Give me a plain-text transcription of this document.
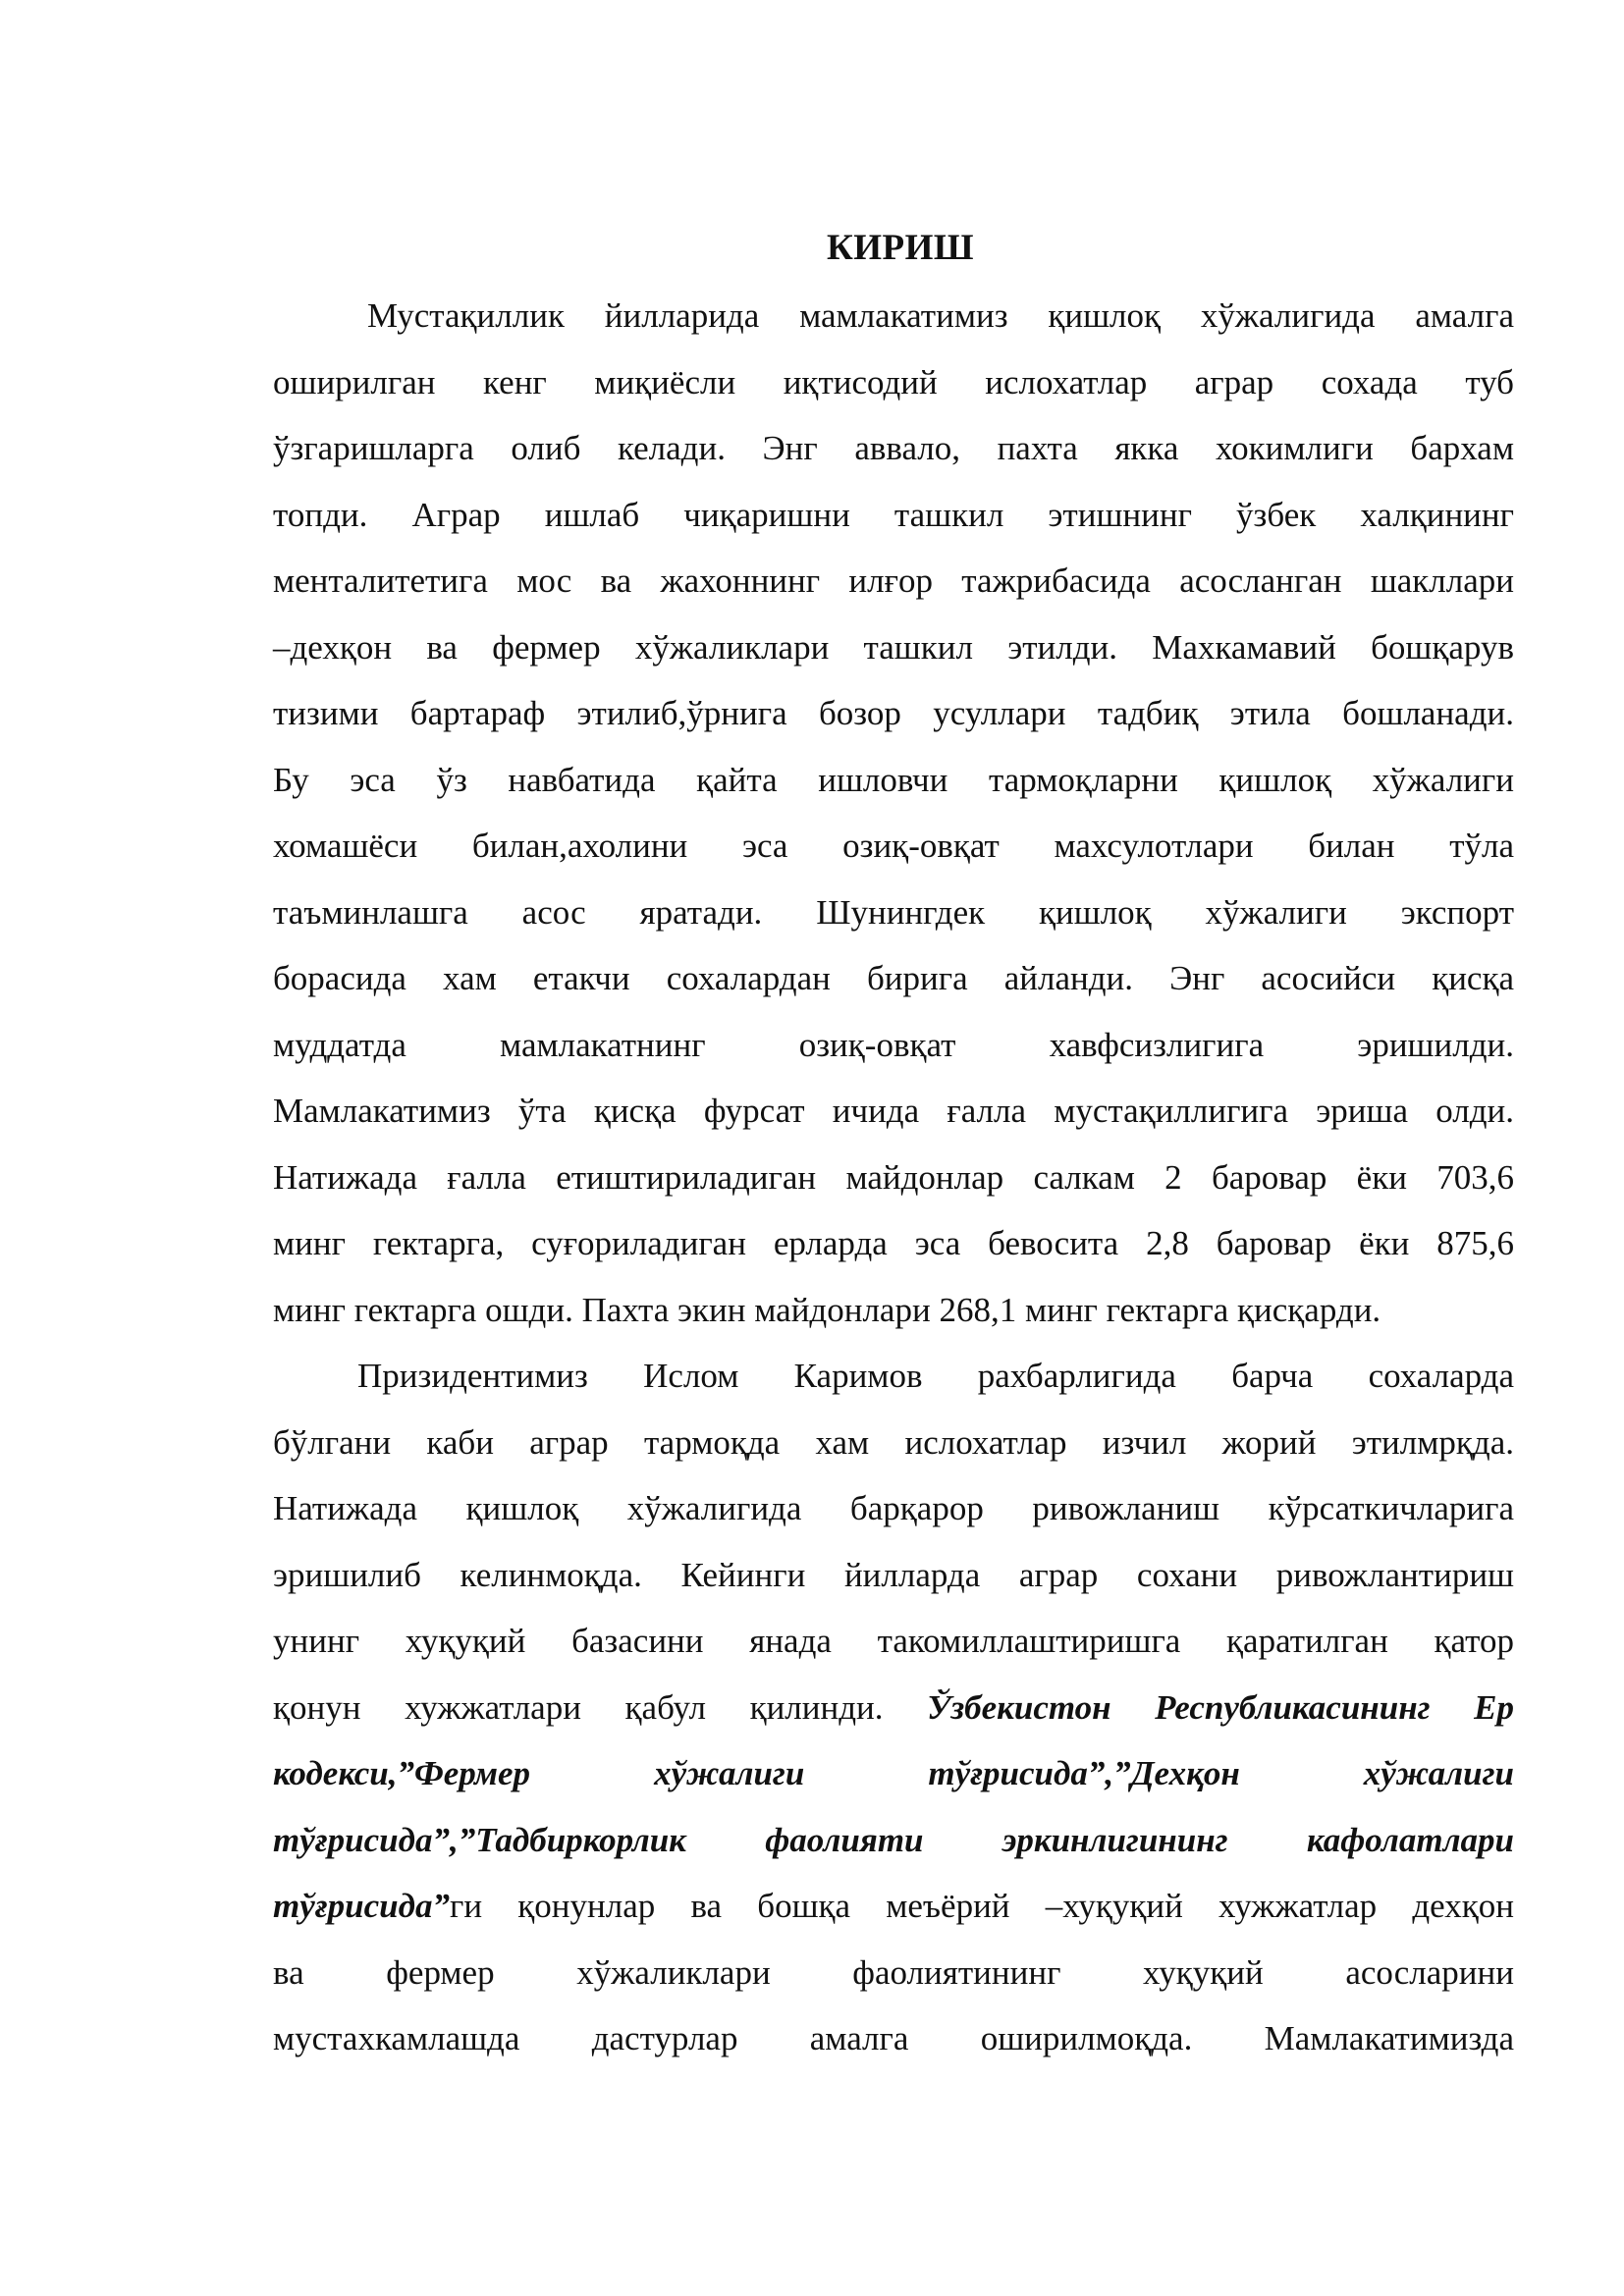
КИРИШ
Мустақиллик йилларида мамлакатимиз қишлоқ хўжалигида амалга
оширилган кенг миқиёсли иқтисодий ислохатлар аграр сохада туб
ўзгаришларга олиб келади. Энг аввало, пахта якка хокимлиги бархам
топди. Аграр ишлаб чиқаришни ташкил этишнинг ўзбек халқининг
менталитетига мос ва жахоннинг илғор тажрибасида асосланган шакллари
–дехқон ва фермер хўжаликлари ташкил этилди. Махкамавий бошқарув
тизими бартараф этилиб,ўрнига бозор усуллари тадбиқ этила бошланади.
Бу эса ўз навбатида қайта ишловчи тармоқларни қишлоқ хўжалиги
хомашёси билан,ахолини эса озиқ-овқат махсулотлари билан тўла
таъминлашга асос яратади. Шунингдек қишлоқ хўжалиги экспорт
борасида хам етакчи сохалардан бирига айланди. Энг асосийси қисқа
муддатда мамлакатнинг озиқ-овқат хавфсизлигига эришилди.
Мамлакатимиз ўта қисқа фурсат ичида ғалла мустақиллигига эриша олди.
Натижада ғалла етиштириладиган майдонлар салкам 2 баровар ёки 703,6
минг гектарга, суғориладиган ерларда эса бевосита 2,8 баровар ёки 875,6
минг гектарга ошди. Пахта экин майдонлари 268,1 минг гектарга қисқарди.
Призидентимиз Ислом Каримов рахбарлигида барча сохаларда
бўлгани каби аграр тармоқда хам ислохатлар изчил жорий этилмрқда.
Натижада қишлоқ хўжалигида барқарор ривожланиш кўрсаткичларига
эришилиб келинмоқда. Кейинги йилларда аграр сохани ривожлантириш
унинг хуқуқий базасини янада такомиллаштиришга қаратилган қатор
қонун хужжатлари қабул қилинди. Ўзбекистон Республикасининг Ер
кодекси,”Фермер хўжалиги тўғрисида”,”Дехқон хўжалиги
тўғрисида”,”Тадбиркорлик фаолияти эркинлигининг кафолатлари
тўғрисида”ги қонунлар ва бошқа меъёрий –хуқуқий хужжатлар дехқон
ва фермер хўжаликлари фаолиятининг хуқуқий асосларини
мустахкамлашда дастурлар амалга оширилмоқда. Мамлакатимизда
